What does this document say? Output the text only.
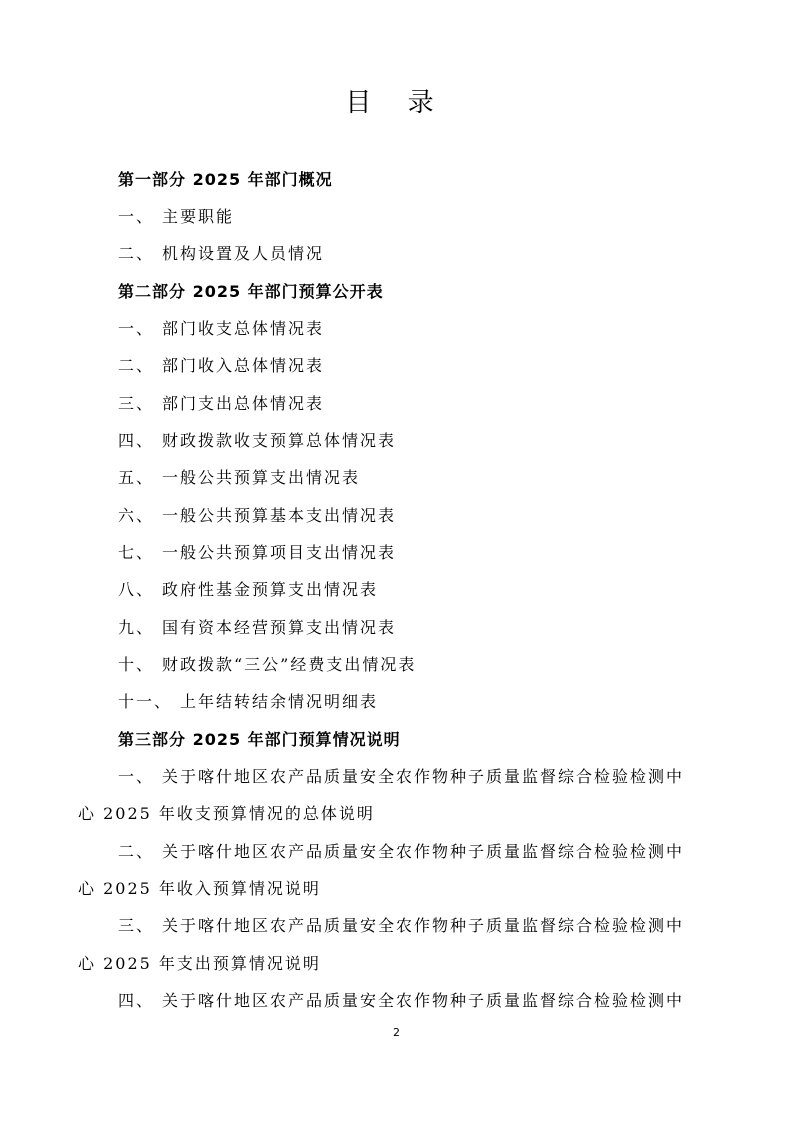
目 录
第一部分 2025 年部门概况
一、 主要职能
二、 机构设置及人员情况
第二部分 2025 年部门预算公开表
一、 部门收支总体情况表
二、 部门收入总体情况表
三、 部门支出总体情况表
四、 财政拨款收支预算总体情况表
五、 一般公共预算支出情况表
六、 一般公共预算基本支出情况表
七、 一般公共预算项目支出情况表
八、 政府性基金预算支出情况表
九、 国有资本经营预算支出情况表
十、 财政拨款“三公”经费支出情况表
十一、 上年结转结余情况明细表
第三部分 2025 年部门预算情况说明
一、 关于喀什地区农产品质量安全农作物种子质量监督综合检验检测中
心 2025 年收支预算情况的总体说明
二、 关于喀什地区农产品质量安全农作物种子质量监督综合检验检测中
心 2025 年收入预算情况说明
三、 关于喀什地区农产品质量安全农作物种子质量监督综合检验检测中
心 2025 年支出预算情况说明
四、 关于喀什地区农产品质量安全农作物种子质量监督综合检验检测中
2
